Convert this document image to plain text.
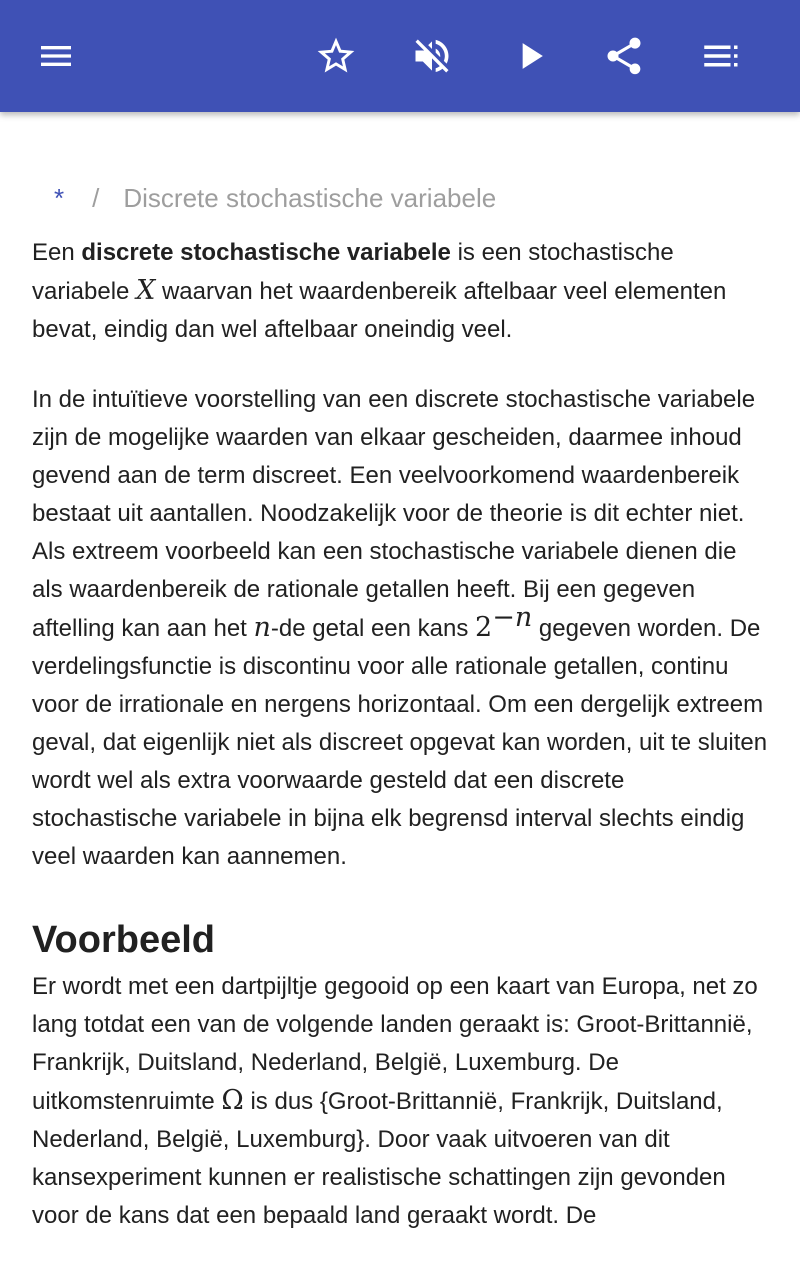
* / Discrete stochastische variabele

Een discrete stochastische variabele is een stochastische variabele X waarvan het waardenbereik aftelbaar veel elementen bevat, eindig dan wel aftelbaar oneindig veel.

In de intuïtieve voorstelling van een discrete stochastische variabele zijn de mogelijke waarden van elkaar gescheiden, daarmee inhoud gevend aan de term discreet. Een veelvoorkomend waardenbereik bestaat uit aantallen. Noodzakelijk voor de theorie is dit echter niet. Als extreem voorbeeld kan een stochastische variabele dienen die als waardenbereik de rationale getallen heeft. Bij een gegeven aftelling kan aan het n-de getal een kans $2^{-n}$ gegeven worden. De verdelingsfunctie is discontinu voor alle rationale getallen, continu voor de irrationale en nergens horizontaal. Om een dergelijk extreem geval, dat eigenlijk niet als discreet opgevat kan worden, uit te sluiten wordt wel als extra voorwaarde gesteld dat een discrete stochastische variabele in bijna elk begrensd interval slechts eindig veel waarden kan aannemen.

Voorbeeld

Er wordt met een dartpijltje gegooid op een kaart van Europa, net zo lang totdat een van de volgende landen geraakt is: Groot-Brittannië, Frankrijk, Duitsland, Nederland, België, Luxemburg. De uitkomstenruimte Ω is dus {Groot-Brittannië, Frankrijk, Duitsland, Nederland, België, Luxemburg}. Door vaak uitvoeren van dit kansexperiment kunnen er realistische schattingen zijn gevonden voor de kans dat een bepaald land geraakt wordt. De
